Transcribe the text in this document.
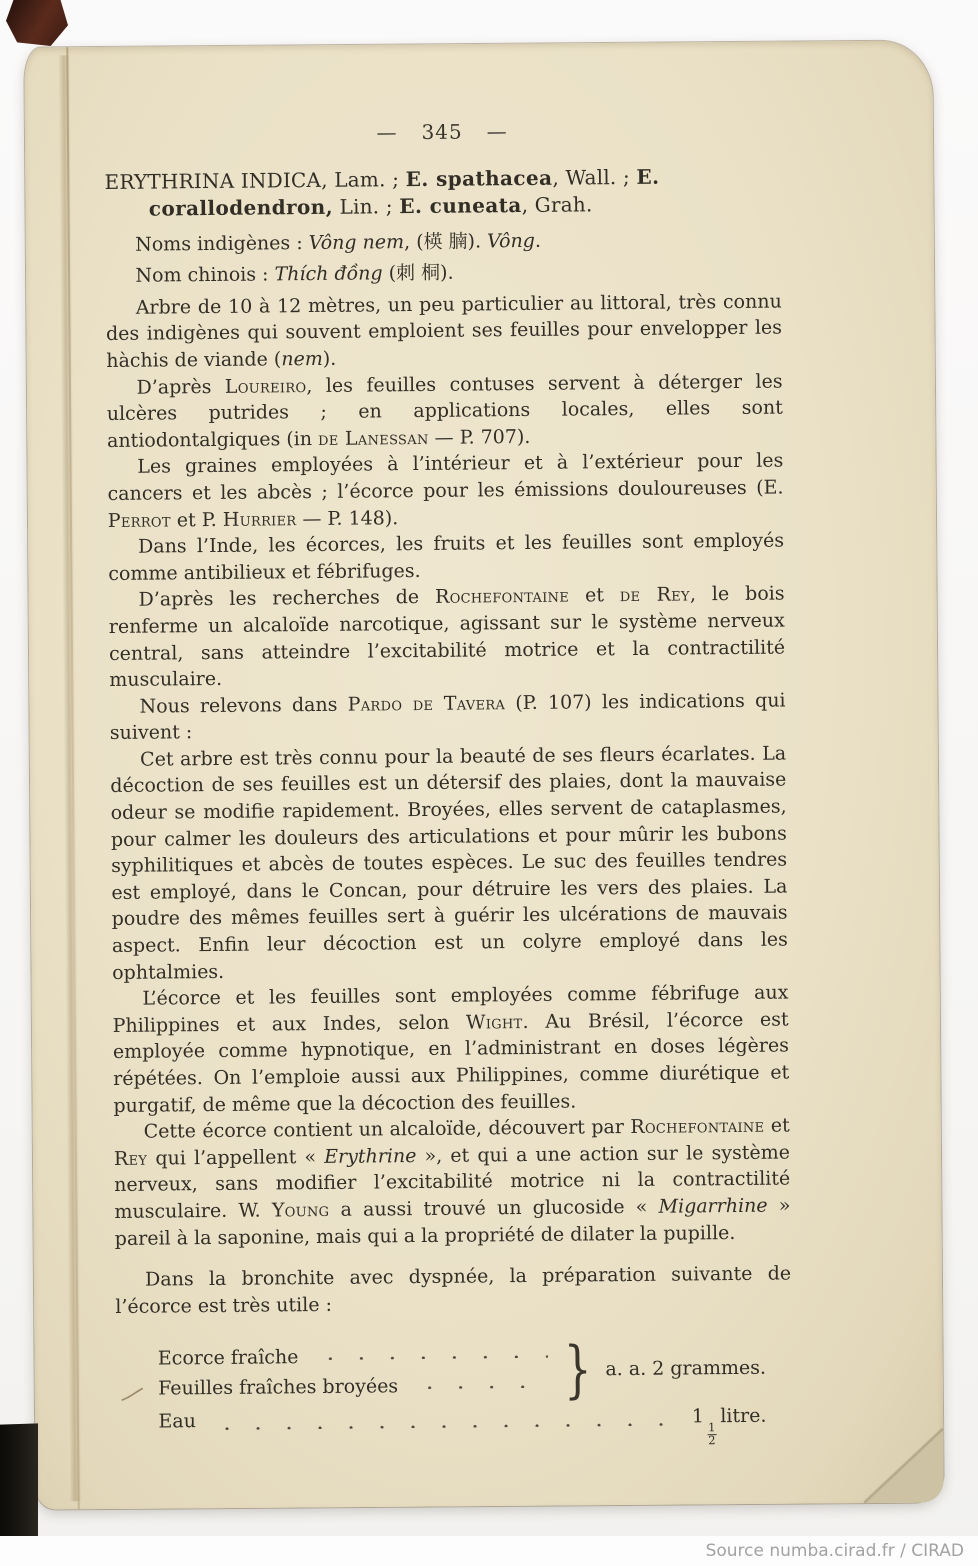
— 345 —
ERYTHRINA INDICA, Lam. ; E. spathacea, Wall. ; E. corallodendron, Lin. ; E. cuneata, Grah.

Noms indigènes : Vông nem, (楧 腩). Vông.

Nom chinois : Thích đồng (刺 桐).

Arbre de 10 à 12 mètres, un peu particulier au littoral, très connu des indigènes qui souvent emploient ses feuilles pour envelopper les hàchis de viande (nem).

D’après Loureiro, les feuilles contuses servent à déterger les ulcères putrides ; en applications locales, elles sont antiodontalgiques (in de Lanessan — P. 707).

Les graines employées à l’intérieur et à l’extérieur pour les cancers et les abcès ; l’écorce pour les émissions douloureuses (E. Perrot et P. Hurrier — P. 148).

Dans l’Inde, les écorces, les fruits et les feuilles sont employés comme antibilieux et fébrifuges.

D’après les recherches de Rochefontaine et de Rey, le bois renferme un alcaloïde narcotique, agissant sur le système nerveux central, sans atteindre l’excitabilité motrice et la contractilité musculaire.

Nous relevons dans Pardo de Tavera (P. 107) les indications qui suivent :

Cet arbre est très connu pour la beauté de ses fleurs écarlates. La décoction de ses feuilles est un détersif des plaies, dont la mauvaise odeur se modifie rapidement. Broyées, elles servent de cataplasmes, pour calmer les douleurs des articulations et pour mûrir les bubons syphilitiques et abcès de toutes espèces. Le suc des feuilles tendres est employé, dans le Concan, pour détruire les vers des plaies. La poudre des mêmes feuilles sert à guérir les ulcérations de mauvais aspect. Enfin leur décoction est un colyre employé dans les ophtalmies.

L’écorce et les feuilles sont employées comme fébrifuge aux Philippines et aux Indes, selon Wight. Au Brésil, l’écorce est employée comme hypnotique, en l’administrant en doses légères répétées. On l’emploie aussi aux Philippines, comme diurétique et purgatif, de même que la décoction des feuilles.

Cette écorce contient un alcaloïde, découvert par Rochefontaine et Rey qui l’appellent « Erythrine », et qui a une action sur le système nerveux, sans modifier l’excitabilité motrice ni la contractilité musculaire. W. Young a aussi trouvé un glucoside « Migarrhine » pareil à la saponine, mais qui a la propriété de dilater la pupille.

Dans la bronchite avec dyspnée, la préparation suivante de l’écorce est très utile :

Ecorce fraîche
Feuilles fraîches broyées	} a. a. 2 grammes.
Eau	1
$\frac{1}{2}$
litre.
Source numba.cirad.fr / CIRAD
